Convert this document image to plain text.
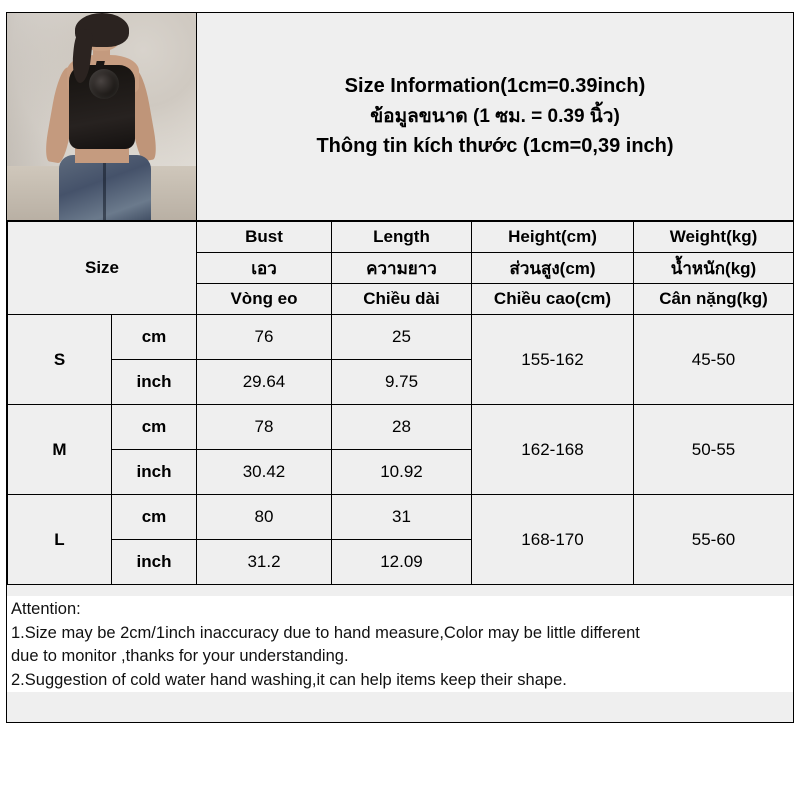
Size Information(1cm=0.39inch)
ข้อมูลขนาด (1 ซม. = 0.39 นิ้ว)
Thông tin kích thước (1cm=0,39 inch)
Size		Bust	Length	Height(cm)	Weight(kg)
		เอว	ความยาว	ส่วนสูง(cm)	น้ำหนัก(kg)
		Vòng eo	Chiều dài	Chiều cao(cm)	Cân nặng(kg)
S	cm	76	25	155-162	45-50
	inch	29.64	9.75		
M	cm	78	28	162-168	50-55
	inch	30.42	10.92		
L	cm	80	31	168-170	55-60
	inch	31.2	12.09		

Attention:

1.Size may be 2cm/1inch inaccuracy due to hand measure,Color may be little different

due to monitor ,thanks for your understanding.

2.Suggestion of cold water hand washing,it can help items keep their shape.
